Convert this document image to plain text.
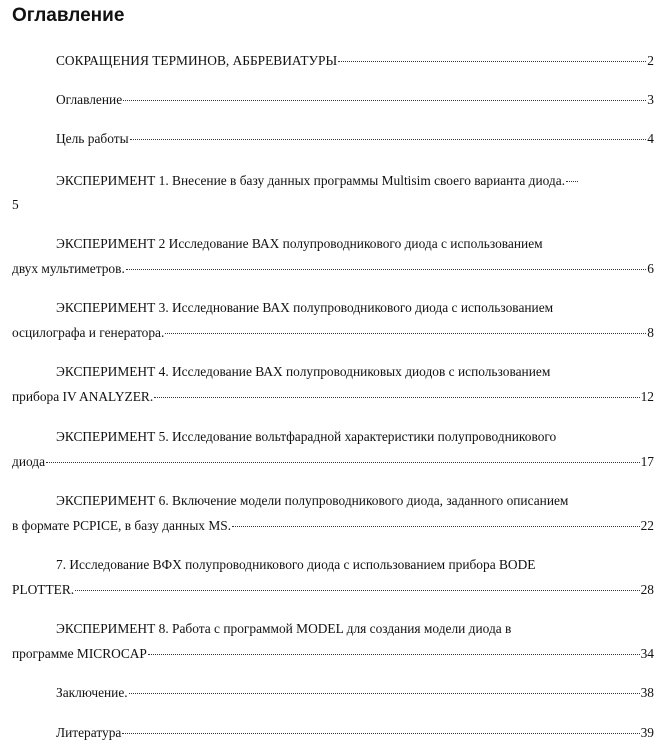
Оглавление
СОКРАЩЕНИЯ ТЕРМИНОВ, АББРЕВИАТУРЫ	2
Оглавление	3
Цель работы	4
ЭКСПЕРИМЕНТ 1. Внесение в базу данных программы Multisim своего варианта диода.
5
ЭКСПЕРИМЕНТ 2 Исследование ВАХ полупроводникового диода с использованием
двух мультиметров.	6
ЭКСПЕРИМЕНТ 3. Исследнование ВАХ полупроводникового диода с использованием
осцилографа и генератора.	8
ЭКСПЕРИМЕНТ 4. Исследование ВАХ полупроводниковых диодов с использованием
прибора IV ANALYZER.	12
ЭКСПЕРИМЕНТ 5. Исследование вольтфарадной характеристики полупроводникового
диода	17
ЭКСПЕРИМЕНТ 6. Включение модели полупроводникового диода, заданного описанием
в формате PCPICE, в базу данных MS.	22
7. Исследование ВФХ полупроводникового диода с использованием прибора BODE
PLOTTER.	28
ЭКСПЕРИМЕНТ 8. Работа с программой MODEL для создания модели диода в
программе MICROCAP	34
Заключение.	38
Литература	39
